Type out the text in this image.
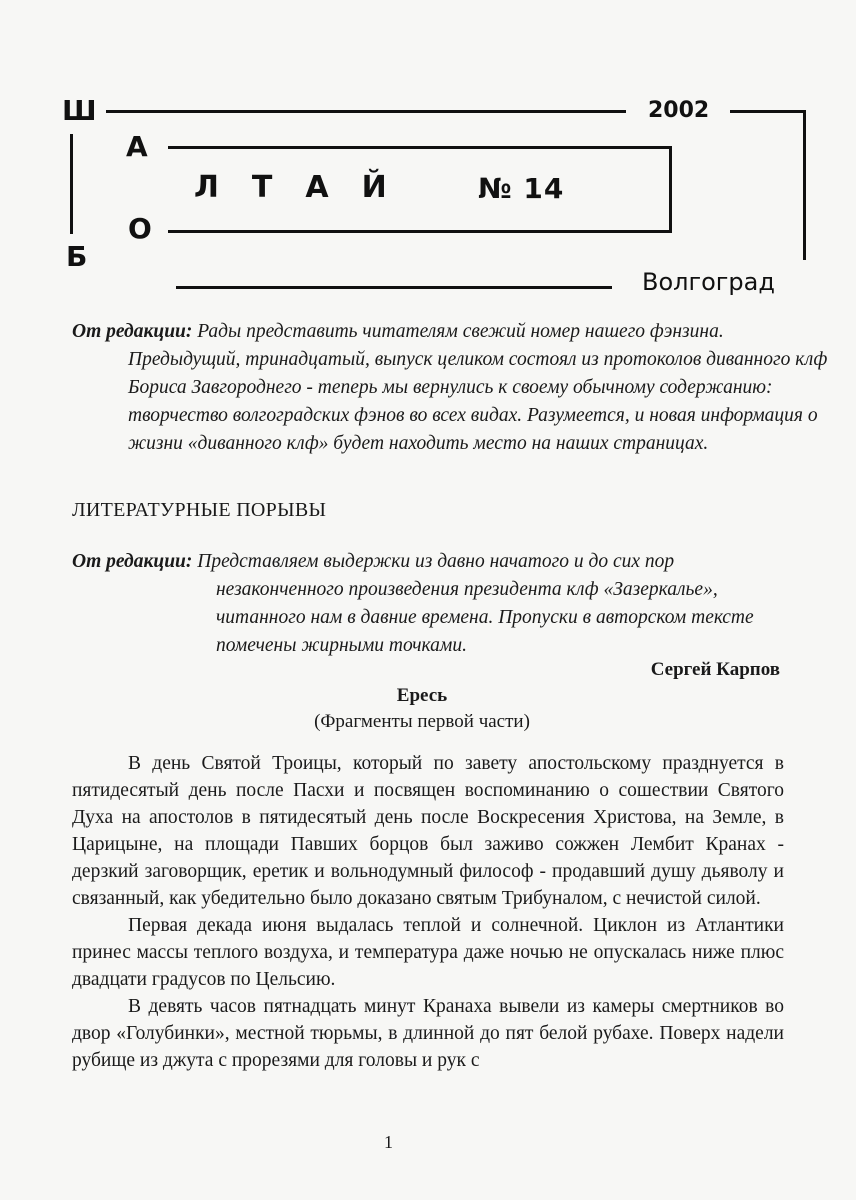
Ш
А
О
Б
ЛТАЙ № 14
2002
Волгоград

От редакции: Рады представить читателям свежий номер нашего фэнзина. Предыдущий, тринадцатый, выпуск целиком состоял из протоколов диванного клф Бориса Завгороднего - теперь мы вернулись к своему обычному содержанию: творчество волгоградских фэнов во всех видах. Разумеется, и новая информация о жизни «диванного клф» будет находить место на наших страницах.

ЛИТЕРАТУРНЫЕ ПОРЫВЫ

От редакции: Представляем выдержки из давно начатого и до сих пор незаконченного произведения президента клф «Зазеркалье», читанного нам в давние времена. Пропуски в авторском тексте помечены жирными точками.

Сергей Карпов
Ересь
(Фрагменты первой части)

В день Святой Троицы, который по завету апостольскому празднуется в пятидесятый день после Пасхи и посвящен воспоминанию о сошествии Святого Духа на апостолов в пятидесятый день после Воскресения Христова, на Земле, в Царицыне, на площади Павших борцов был заживо сожжен Лембит Кранах - дерзкий заговорщик, еретик и вольнодумный философ - продавший душу дьяволу и связанный, как убедительно было доказано святым Трибуналом, с нечистой силой.

Первая декада июня выдалась теплой и солнечной. Циклон из Атлантики принес массы теплого воздуха, и температура даже ночью не опускалась ниже плюс двадцати градусов по Цельсию.

В девять часов пятнадцать минут Кранаха вывели из камеры смертников во двор «Голубинки», местной тюрьмы, в длинной до пят белой рубахе. Поверх надели рубище из джута с прорезями для головы и рук с

1
